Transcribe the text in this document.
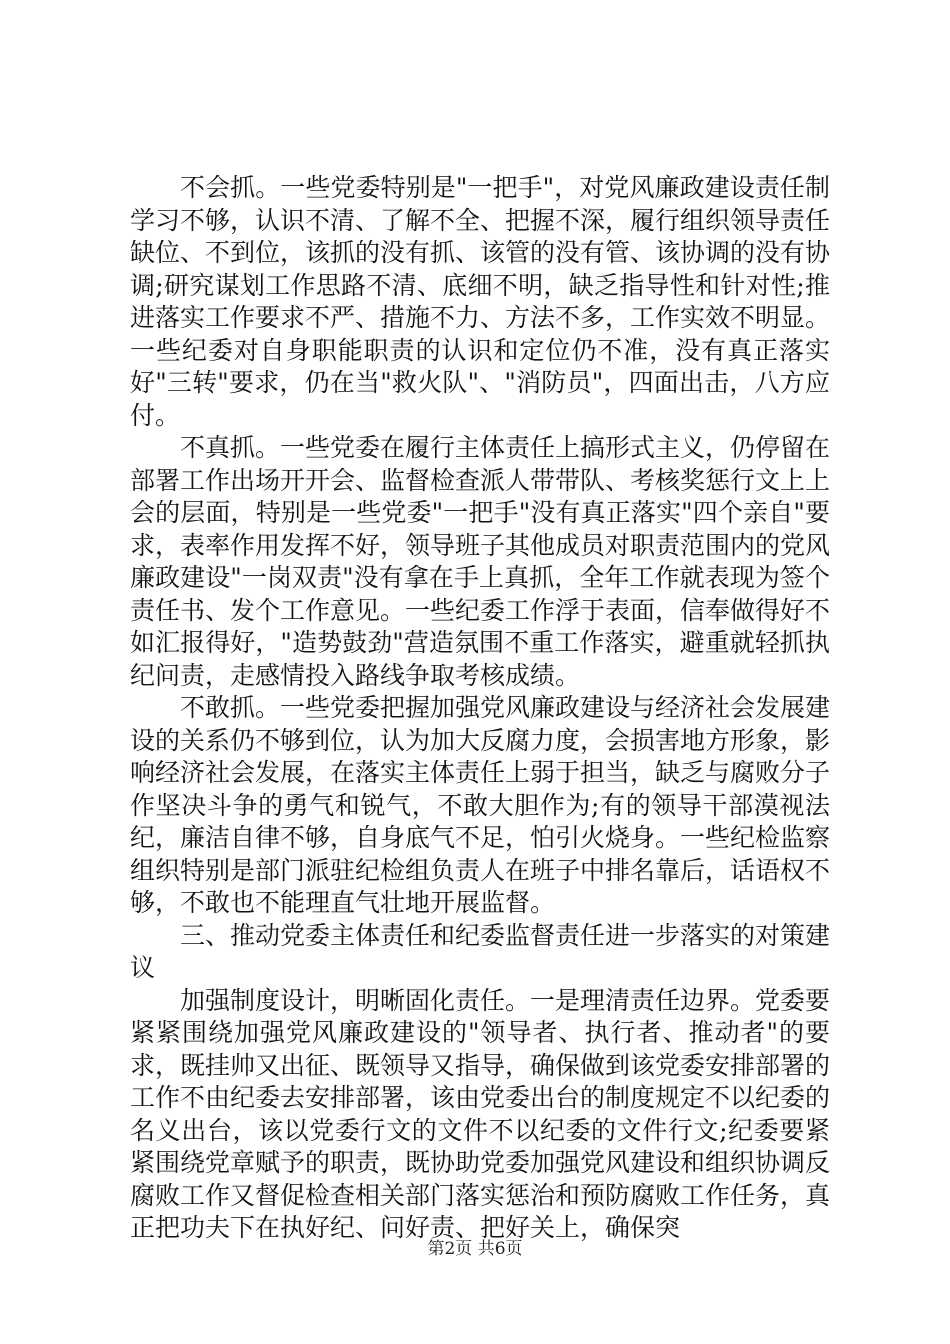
不会抓。一些党委特别是"一把手"，对党风廉政建设责任制学习不够，认识不清、了解不全、把握不深，履行组织领导责任缺位、不到位，该抓的没有抓、该管的没有管、该协调的没有协调;研究谋划工作思路不清、底细不明，缺乏指导性和针对性;推进落实工作要求不严、措施不力、方法不多，工作实效不明显。一些纪委对自身职能职责的认识和定位仍不准，没有真正落实好"三转"要求，仍在当"救火队"、"消防员"，四面出击，八方应付。

不真抓。一些党委在履行主体责任上搞形式主义，仍停留在部署工作出场开开会、监督检查派人带带队、考核奖惩行文上上会的层面，特别是一些党委"一把手"没有真正落实"四个亲自"要求，表率作用发挥不好，领导班子其他成员对职责范围内的党风廉政建设"一岗双责"没有拿在手上真抓，全年工作就表现为签个责任书、发个工作意见。一些纪委工作浮于表面，信奉做得好不如汇报得好，"造势鼓劲"营造氛围不重工作落实，避重就轻抓执纪问责，走感情投入路线争取考核成绩。

不敢抓。一些党委把握加强党风廉政建设与经济社会发展建设的关系仍不够到位，认为加大反腐力度，会损害地方形象，影响经济社会发展，在落实主体责任上弱于担当，缺乏与腐败分子作坚决斗争的勇气和锐气，不敢大胆作为;有的领导干部漠视法纪，廉洁自律不够，自身底气不足，怕引火烧身。一些纪检监察组织特别是部门派驻纪检组负责人在班子中排名靠后，话语权不够，不敢也不能理直气壮地开展监督。

三、推动党委主体责任和纪委监督责任进一步落实的对策建议

加强制度设计，明晰固化责任。一是理清责任边界。党委要紧紧围绕加强党风廉政建设的"领导者、执行者、推动者"的要求，既挂帅又出征、既领导又指导，确保做到该党委安排部署的工作不由纪委去安排部署，该由党委出台的制度规定不以纪委的名义出台，该以党委行文的文件不以纪委的文件行文;纪委要紧紧围绕党章赋予的职责，既协助党委加强党风建设和组织协调反腐败工作又督促检查相关部门落实惩治和预防腐败工作任务，真正把功夫下在执好纪、问好责、把好关上，确保突

第2页 共6页
